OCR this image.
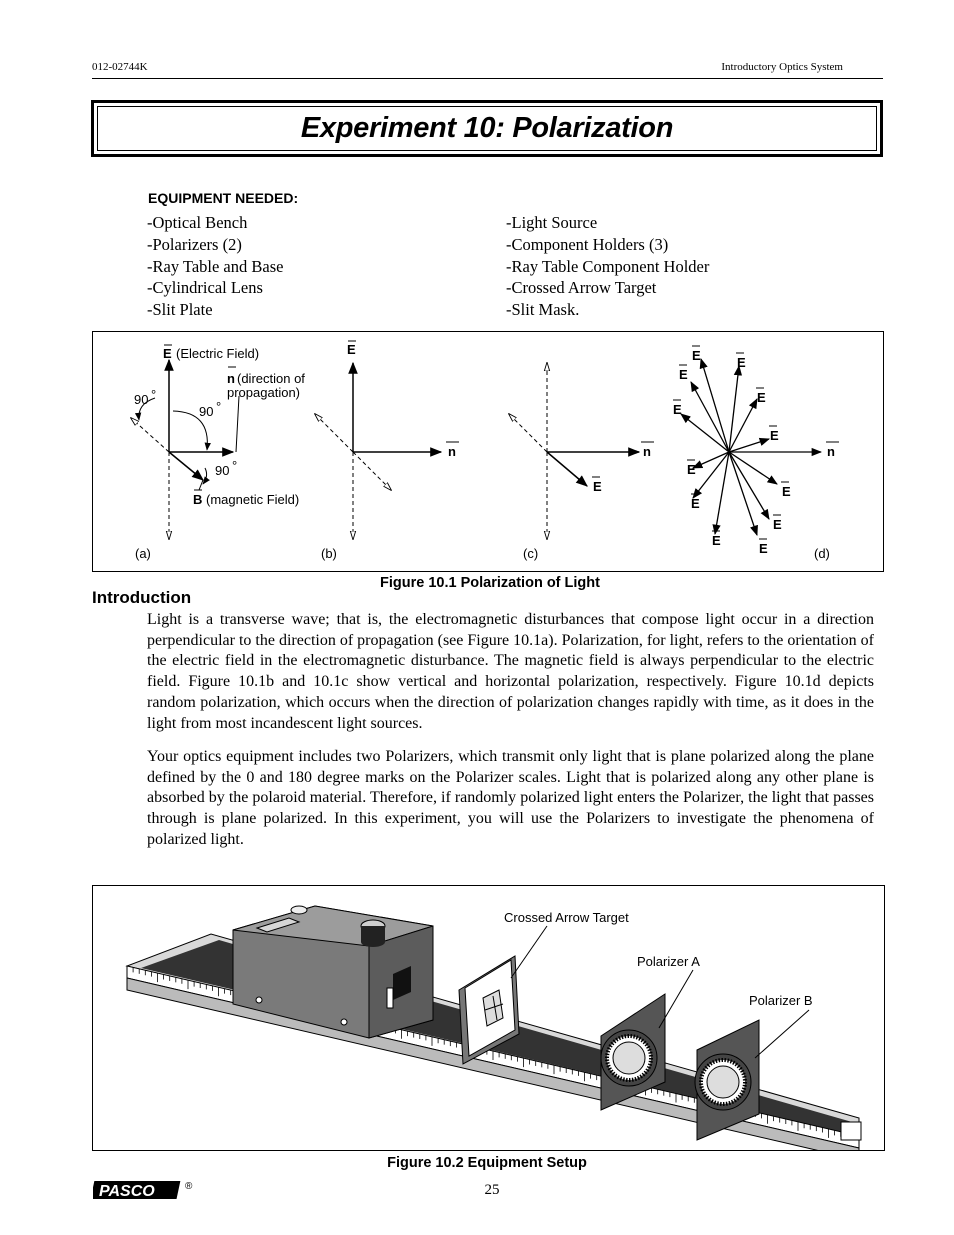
012-02744K	Introductory Optics System
Experiment 10: Polarization
EQUIPMENT NEEDED:
-Optical Bench
-Polarizers (2)
-Ray Table and Base
-Cylindrical Lens
-Slit Plate
-Light Source
-Component Holders (3)
-Ray Table Component Holder
-Crossed Arrow Target
-Slit Mask.
E (Electric Field)
n (direction of
propagation)
90 °
90 °
90 °
B (magnetic Field)
(a)
E
n
(b)
n
E
(c)
E	E
E
E
E
E
n
E
E
E
E
E
E	(d)
Figure 10.1 Polarization of Light
Introduction
Light is a transverse wave; that is, the electromagnetic disturbances that compose light occur in a direction perpendicular to the direction of propagation (see Figure 10.1a). Polarization, for light, refers to the orientation of the electric field in the electromagnetic disturbance. The magnetic field is always perpendicular to the electric field. Figure 10.1b and 10.1c show vertical and horizontal polarization, respectively. Figure 10.1d depicts random polarization, which occurs when the direction of polarization changes rapidly with time, as it does in the light from most incandescent light sources.
Your optics equipment includes two Polarizers, which transmit only light that is plane polarized along the plane defined by the 0 and 180 degree marks on the Polarizer scales. Light that is polarized along any other plane is absorbed by the polaroid material. Therefore, if randomly polarized light enters the Polarizer, the light that passes through is plane polarized. In this experiment, you will use the Polarizers to investigate the phenomena of polarized light.
Crossed Arrow Target
Polarizer A
Polarizer B
Figure 10.2 Equipment Setup
PASCO	®	25
